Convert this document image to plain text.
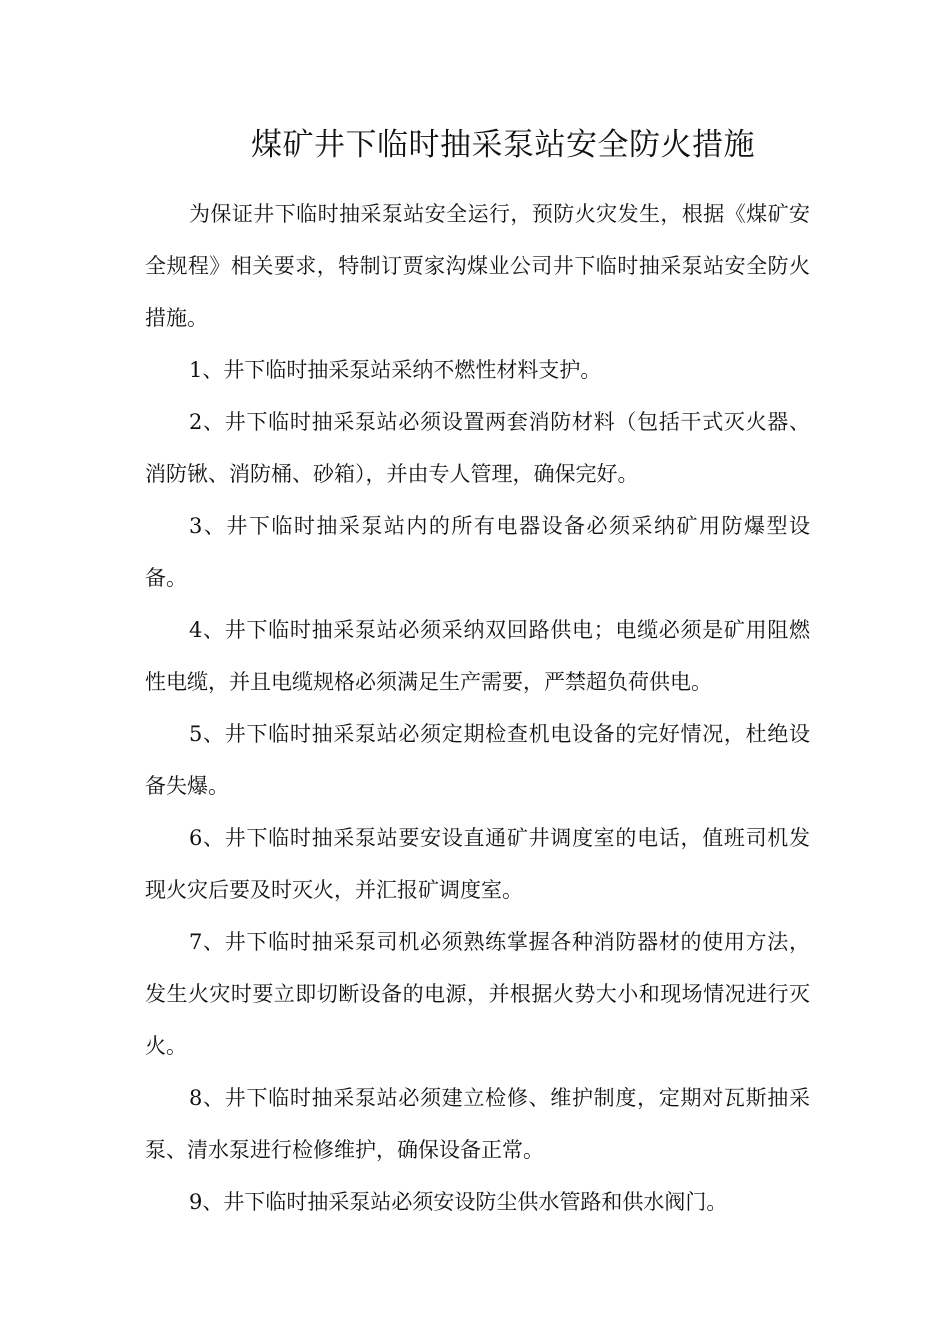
煤矿井下临时抽采泵站安全防火措施

为保证井下临时抽采泵站安全运行，预防火灾发生，根据《煤矿安全规程》相关要求，特制订贾家沟煤业公司井下临时抽采泵站安全防火措施。

1、井下临时抽采泵站采纳不燃性材料支护。

2、井下临时抽采泵站必须设置两套消防材料（包括干式灭火器、消防锹、消防桶、砂箱），并由专人管理，确保完好。

3、井下临时抽采泵站内的所有电器设备必须采纳矿用防爆型设备。

4、井下临时抽采泵站必须采纳双回路供电；电缆必须是矿用阻燃性电缆，并且电缆规格必须满足生产需要，严禁超负荷供电。

5、井下临时抽采泵站必须定期检查机电设备的完好情况，杜绝设备失爆。

6、井下临时抽采泵站要安设直通矿井调度室的电话，值班司机发现火灾后要及时灭火，并汇报矿调度室。

7、井下临时抽采泵司机必须熟练掌握各种消防器材的使用方法，发生火灾时要立即切断设备的电源，并根据火势大小和现场情况进行灭火。

8、井下临时抽采泵站必须建立检修、维护制度，定期对瓦斯抽采泵、清水泵进行检修维护，确保设备正常。

9、井下临时抽采泵站必须安设防尘供水管路和供水阀门。
